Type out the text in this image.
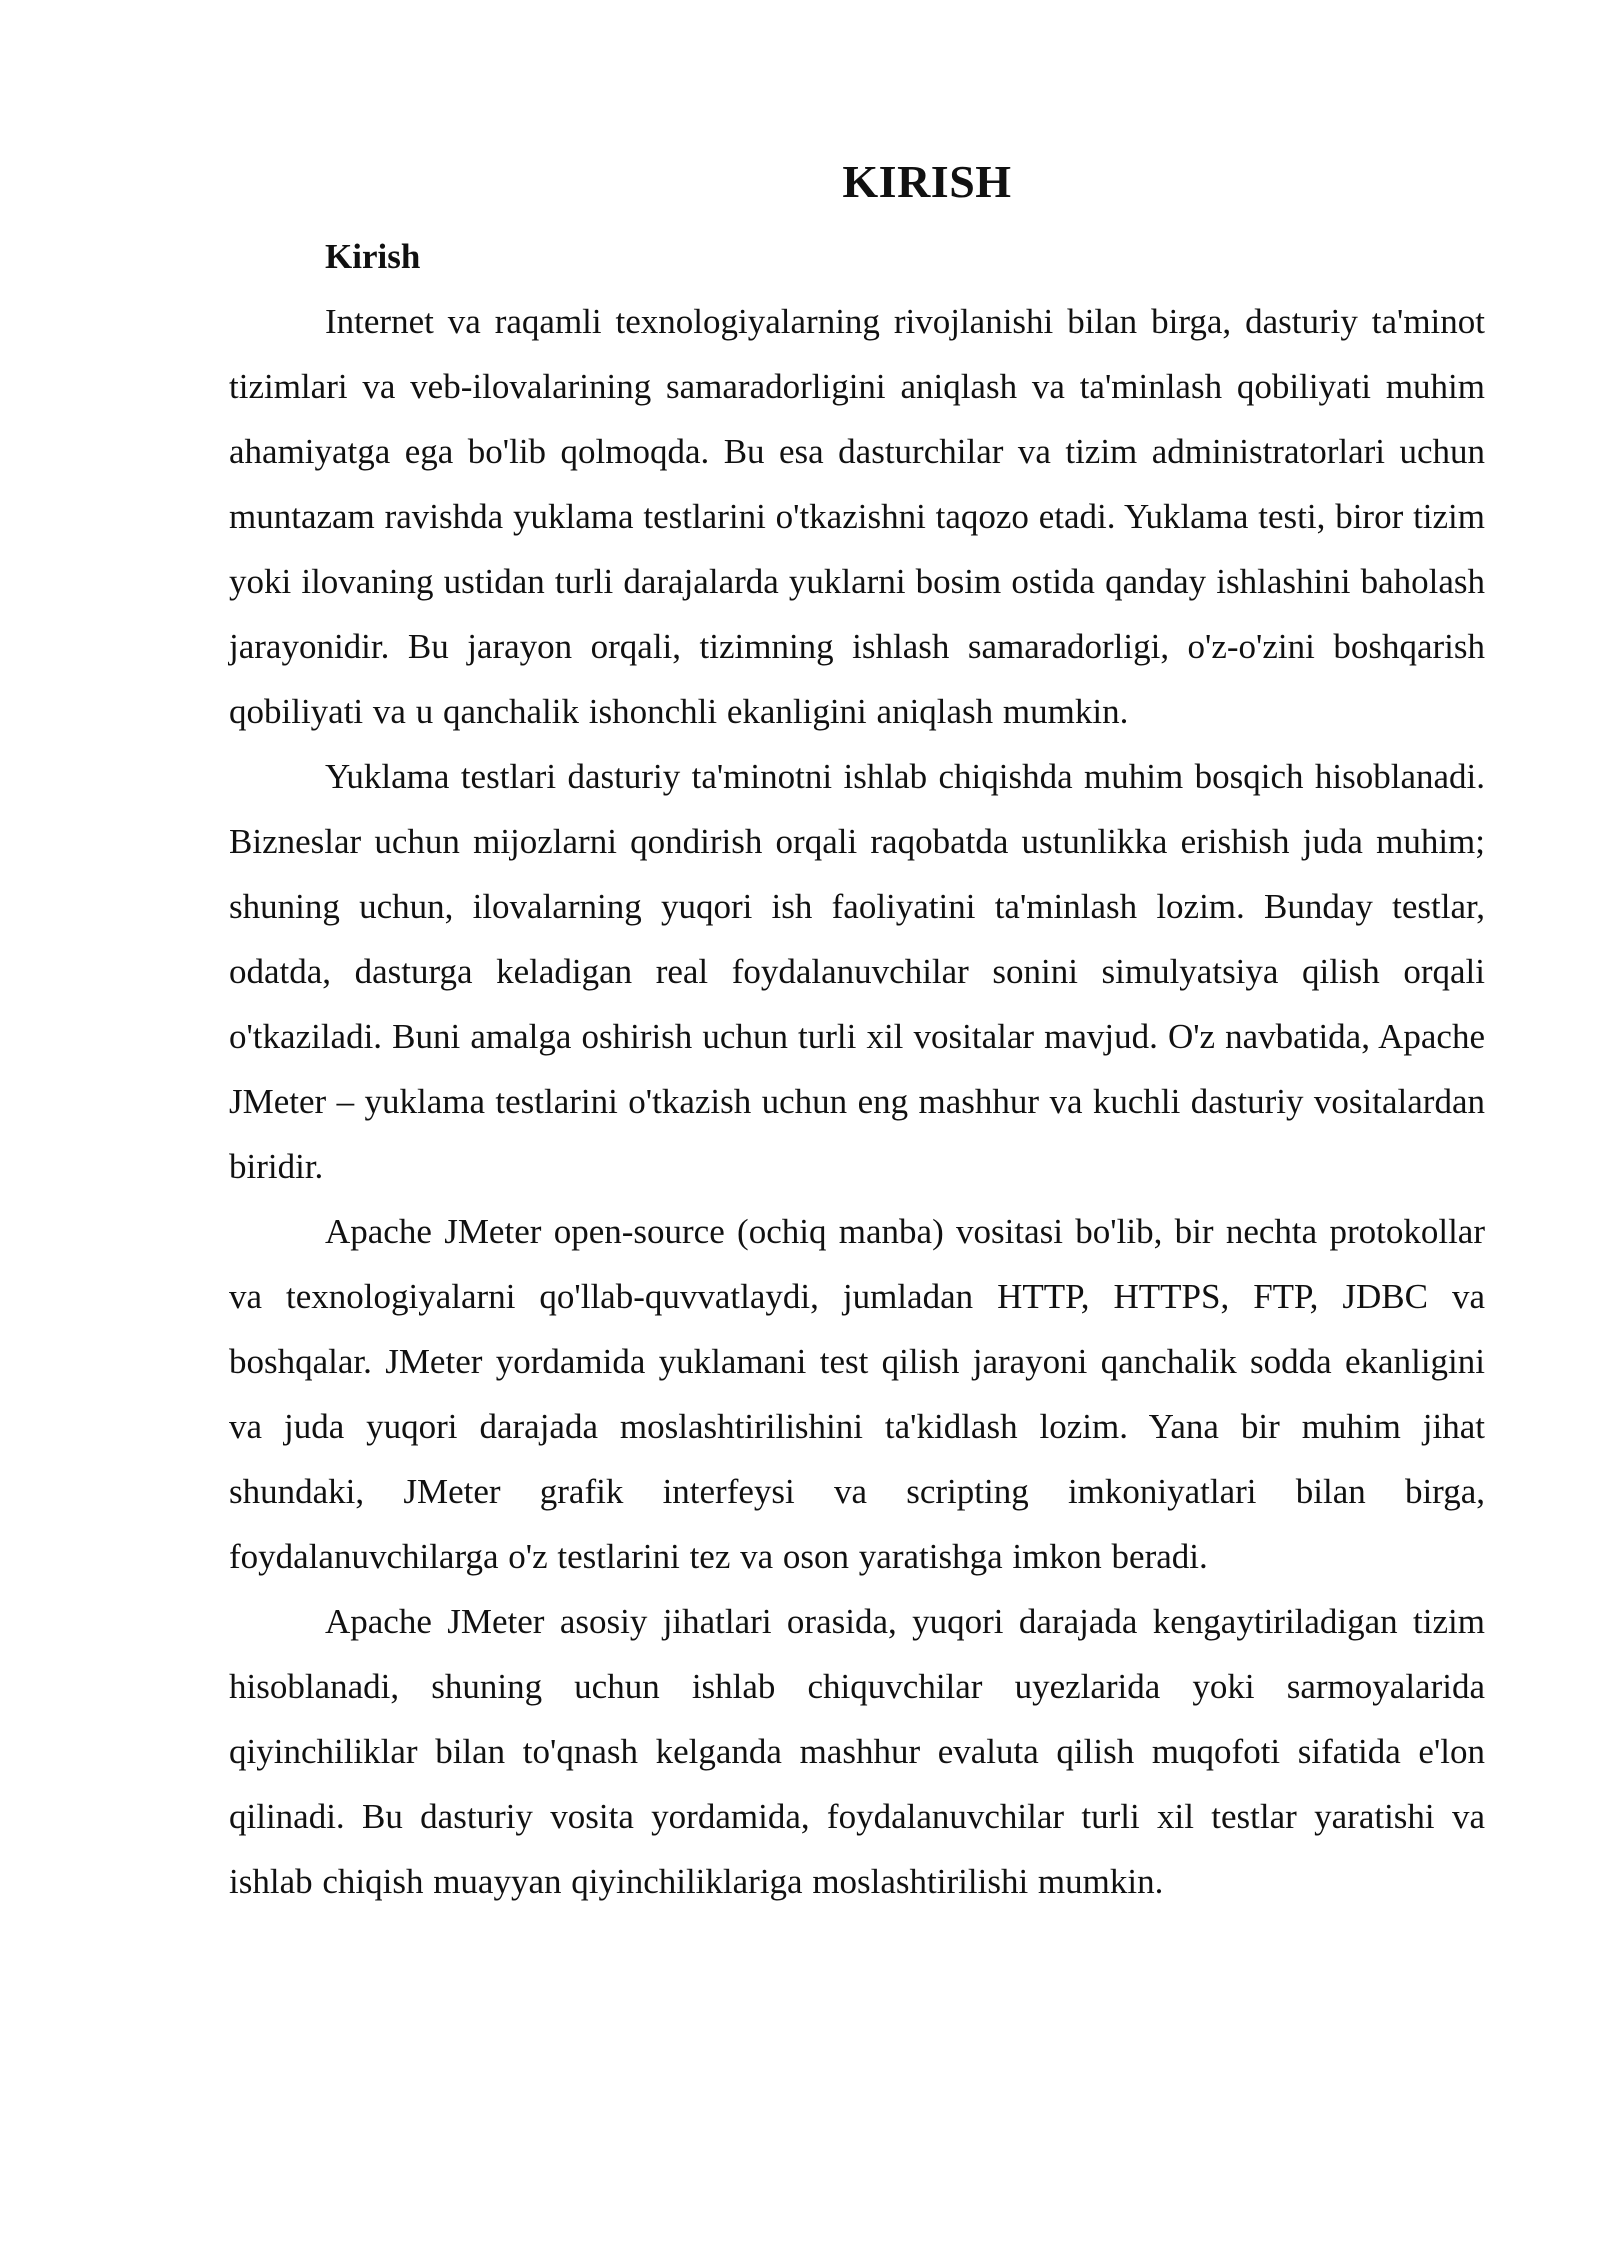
KIRISH

Kirish

Internet va raqamli texnologiyalarning rivojlanishi bilan birga, dasturiy ta'minot tizimlari va veb-ilovalarining samaradorligini aniqlash va ta'minlash qobiliyati muhim ahamiyatga ega bo'lib qolmoqda. Bu esa dasturchilar va tizim administratorlari uchun muntazam ravishda yuklama testlarini o'tkazishni taqozo etadi. Yuklama testi, biror tizim yoki ilovaning ustidan turli darajalarda yuklarni bosim ostida qanday ishlashini baholash jarayonidir. Bu jarayon orqali, tizimning ishlash samaradorligi, o'z-o'zini boshqarish qobiliyati va u qanchalik ishonchli ekanligini aniqlash mumkin.

Yuklama testlari dasturiy ta'minotni ishlab chiqishda muhim bosqich hisoblanadi. Bizneslar uchun mijozlarni qondirish orqali raqobatda ustunlikka erishish juda muhim; shuning uchun, ilovalarning yuqori ish faoliyatini ta'minlash lozim. Bunday testlar, odatda, dasturga keladigan real foydalanuvchilar sonini simulyatsiya qilish orqali o'tkaziladi. Buni amalga oshirish uchun turli xil vositalar mavjud. O'z navbatida, Apache JMeter – yuklama testlarini o'tkazish uchun eng mashhur va kuchli dasturiy vositalardan biridir.

Apache JMeter open-source (ochiq manba) vositasi bo'lib, bir nechta protokollar va texnologiyalarni qo'llab-quvvatlaydi, jumladan HTTP, HTTPS, FTP, JDBC va boshqalar. JMeter yordamida yuklamani test qilish jarayoni qanchalik sodda ekanligini va juda yuqori darajada moslashtirilishini ta'kidlash lozim. Yana bir muhim jihat shundaki, JMeter grafik interfeysi va scripting imkoniyatlari bilan birga, foydalanuvchilarga o'z testlarini tez va oson yaratishga imkon beradi.

Apache JMeter asosiy jihatlari orasida, yuqori darajada kengaytiriladigan tizim hisoblanadi, shuning uchun ishlab chiquvchilar uyezlarida yoki sarmoyalarida qiyinchiliklar bilan to'qnash kelganda mashhur evaluta qilish muqofoti sifatida e'lon qilinadi. Bu dasturiy vosita yordamida, foydalanuvchilar turli xil testlar yaratishi va ishlab chiqish muayyan qiyinchiliklariga moslashtirilishi mumkin.
